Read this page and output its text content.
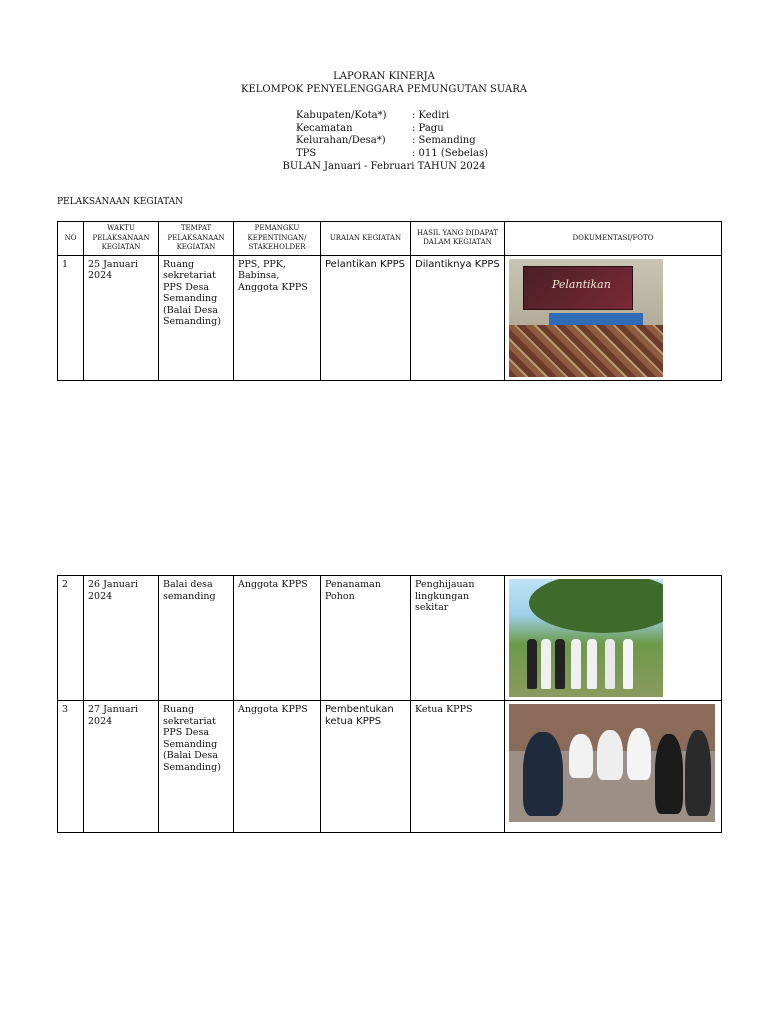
LAPORAN KINERJA
KELOMPOK PENYELENGGARA PEMUNGUTAN SUARA
Kabupaten/Kota*)	: Kediri
Kecamatan	: Pagu
Kelurahan/Desa*)	: Semanding
TPS	: 011 (Sebelas)
BULAN Januari - Februari TAHUN 2024
PELAKSANAAN KEGIATAN
NO	WAKTU PELAKSANAAN KEGIATAN	TEMPAT PELAKSANAAN KEGIATAN	PEMANGKU KEPENTINGAN/ STAKEHOLDER	URAIAN KEGIATAN	HASIL YANG DIDAPAT DALAM KEGIATAN	DOKUMENTASI/FOTO
1	25 Januari 2024	Ruang sekretariat PPS Desa Semanding (Balai Desa Semanding)	PPS, PPK, Babinsa, Anggota KPPS	Pelantikan KPPS	Dilantiknya KPPS	Pelantikan
2	26 Januari 2024	Balai desa semanding	Anggota KPPS	Penanaman Pohon	Penghijauan lingkungan sekitar	

3	27 Januari 2024	Ruang sekretariat PPS Desa Semanding (Balai Desa Semanding)	Anggota KPPS	Pembentukan ketua KPPS	Ketua KPPS	
